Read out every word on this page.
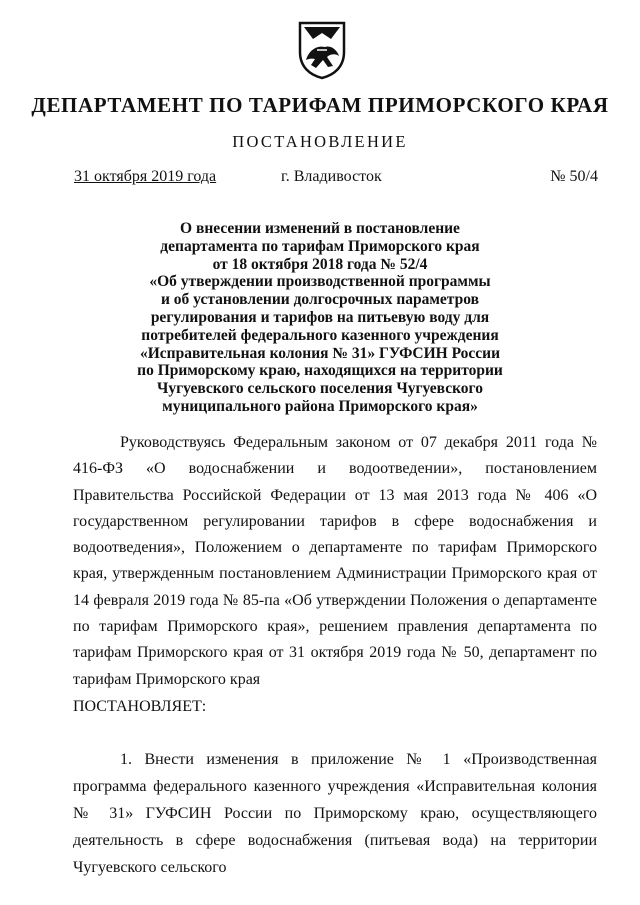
ДЕПАРТАМЕНТ ПО ТАРИФАМ ПРИМОРСКОГО КРАЯ
ПОСТАНОВЛЕНИЕ
31 октября 2019 года	г. Владивосток	№ 50/4
О внесении изменений в постановление
департамента по тарифам Приморского края
от 18 октября 2018 года № 52/4
«Об утверждении производственной программы
и об установлении долгосрочных параметров
регулирования и тарифов на питьевую воду для
потребителей федерального казенного учреждения
«Исправительная колония № 31» ГУФСИН России
по Приморскому краю, находящихся на территории
Чугуевского сельского поселения Чугуевского
муниципального района Приморского края»

Руководствуясь Федеральным законом от 07 декабря 2011 года № 416-ФЗ «О водоснабжении и водоотведении», постановлением Правительства Российской Федерации от 13 мая 2013 года № 406 «О государственном регулировании тарифов в сфере водоснабжения и водоотведения», Положением о департаменте по тарифам Приморского края, утвержденным постановлением Администрации Приморского края от 14 февраля 2019 года № 85-па «Об утверждении Положения о департаменте по тарифам Приморского края», решением правления департамента по тарифам Приморского края от 31 октября 2019 года № 50, департамент по тарифам Приморского края

ПОСТАНОВЛЯЕТ:

1. Внести изменения в приложение № 1 «Производственная программа федерального казенного учреждения «Исправительная колония № 31» ГУФСИН России по Приморскому краю, осуществляющего деятельность в сфере водоснабжения (питьевая вода) на территории Чугуевского сельского
